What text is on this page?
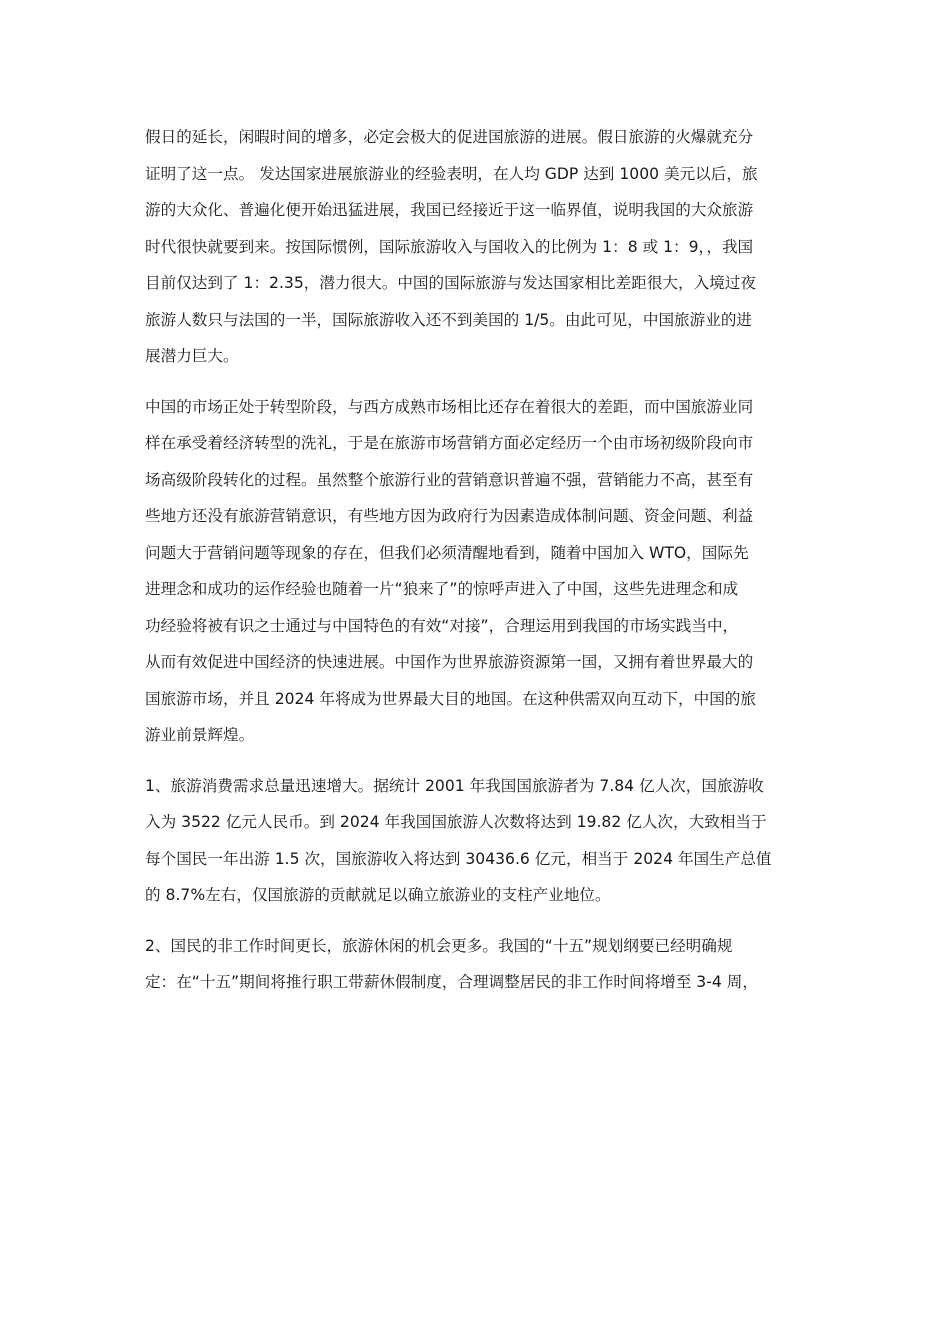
假日的延长，闲暇时间的增多，必定会极大的促进国旅游的进展。假日旅游的火爆就充分
证明了这一点。 发达国家进展旅游业的经验表明，在人均 GDP 达到 1000 美元以后，旅
游的大众化、普遍化便开始迅猛进展，我国已经接近于这一临界值，说明我国的大众旅游
时代很快就要到来。按国际惯例，国际旅游收入与国收入的比例为 1：8 或 1：9，，我国
目前仅达到了 1：2.35，潜力很大。中国的国际旅游与发达国家相比差距很大，入境过夜
旅游人数只与法国的一半，国际旅游收入还不到美国的 1/5。由此可见，中国旅游业的进
展潜力巨大。

中国的市场正处于转型阶段，与西方成熟市场相比还存在着很大的差距，而中国旅游业同
样在承受着经济转型的洗礼，于是在旅游市场营销方面必定经历一个由市场初级阶段向市
场高级阶段转化的过程。虽然整个旅游行业的营销意识普遍不强，营销能力不高，甚至有
些地方还没有旅游营销意识，有些地方因为政府行为因素造成体制问题、资金问题、利益
问题大于营销问题等现象的存在，但我们必须清醒地看到，随着中国加入 WTO，国际先
进理念和成功的运作经验也随着一片“狼来了”的惊呼声进入了中国，这些先进理念和成
功经验将被有识之士通过与中国特色的有效“对接”，合理运用到我国的市场实践当中，
从而有效促进中国经济的快速进展。中国作为世界旅游资源第一国，又拥有着世界最大的
国旅游市场，并且 2024 年将成为世界最大目的地国。在这种供需双向互动下，中国的旅
游业前景辉煌。

1、旅游消费需求总量迅速增大。据统计 2001 年我国国旅游者为 7.84 亿人次，国旅游收
入为 3522 亿元人民币。到 2024 年我国国旅游人次数将达到 19.82 亿人次，大致相当于
每个国民一年出游 1.5 次，国旅游收入将达到 30436.6 亿元，相当于 2024 年国生产总值
的 8.7%左右，仅国旅游的贡献就足以确立旅游业的支柱产业地位。

2、国民的非工作时间更长，旅游休闲的机会更多。我国的“十五”规划纲要已经明确规
定：在“十五”期间将推行职工带薪休假制度，合理调整居民的非工作时间将增至 3-4 周，
